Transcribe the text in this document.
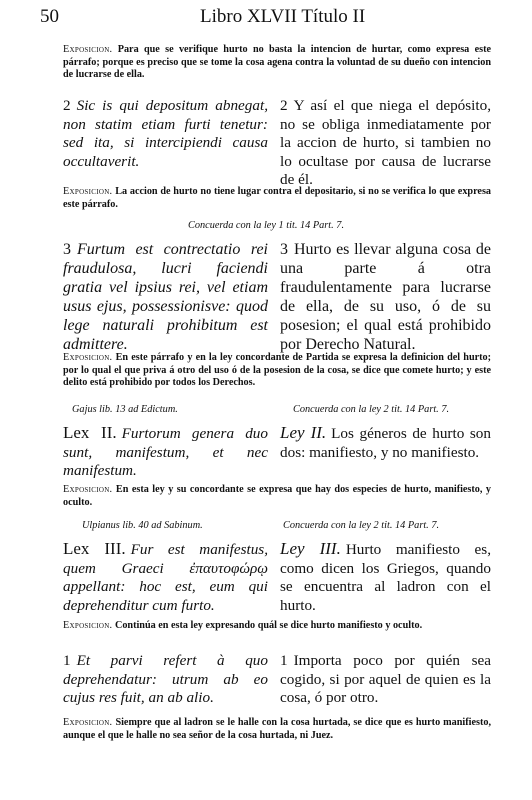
50	Libro XLVII Título II

Exposicion. Para que se verifique hurto no basta la intencion de hurtar, como expresa este párrafo; porque es preciso que se tome la cosa agena contra la voluntad de su dueño con intencion de lucrarse de ella.

2 Sic is qui depositum abnegat, non statim etiam furti tenetur: sed ita, si intercipiendi causa occultaverit.

2 Y así el que niega el depósito, no se obliga inmediatamente por la accion de hurto, si tambien no lo ocultase por causa de lucrarse de él.

Exposicion. La accion de hurto no tiene lugar contra el depositario, si no se verifica lo que expresa este párrafo.

Concuerda con la ley 1 tit. 14 Part. 7.

3 Furtum est contrectatio rei fraudulosa, lucri faciendi gratia vel ipsius rei, vel etiam usus ejus, possessionisve: quod lege naturali prohibitum est admittere.

3 Hurto es llevar alguna cosa de una parte á otra fraudulentamente para lucrarse de ella, de su uso, ó de su posesion; el qual está prohibido por Derecho Natural.

Exposicion. En este párrafo y en la ley concordante de Partida se expresa la definicion del hurto; por lo qual el que priva á otro del uso ó de la posesion de la cosa, se dice que comete hurto; y este delito está prohibido por todos los Derechos.

Gajus lib. 13 ad Edictum.	Concuerda con la ley 2 tit. 14 Part. 7.

Lex II. Furtorum genera duo sunt, manifestum, et nec manifestum.

Ley II. Los géneros de hurto son dos: manifiesto, y no manifiesto.

Exposicion. En esta ley y su concordante se expresa que hay dos especies de hurto, manifiesto, y oculto.

Ulpianus lib. 40 ad Sabinum.	Concuerda con la ley 2 tit. 14 Part. 7.

Lex III. Fur est manifestus, quem Graeci ἐπαυτοφώρῳ appellant: hoc est, eum qui deprehenditur cum furto.

Ley III. Hurto manifiesto es, como dicen los Griegos, quando se encuentra al ladron con el hurto.

Exposicion. Continúa en esta ley expresando quál se dice hurto manifiesto y oculto.

1 Et parvi refert à quo deprehendatur: utrum ab eo cujus res fuit, an ab alio.

1 Importa poco por quién sea cogido, si por aquel de quien es la cosa, ó por otro.

Exposicion. Siempre que al ladron se le halle con la cosa hurtada, se dice que es hurto manifiesto, aunque el que le halle no sea señor de la cosa hurtada, ni Juez.
